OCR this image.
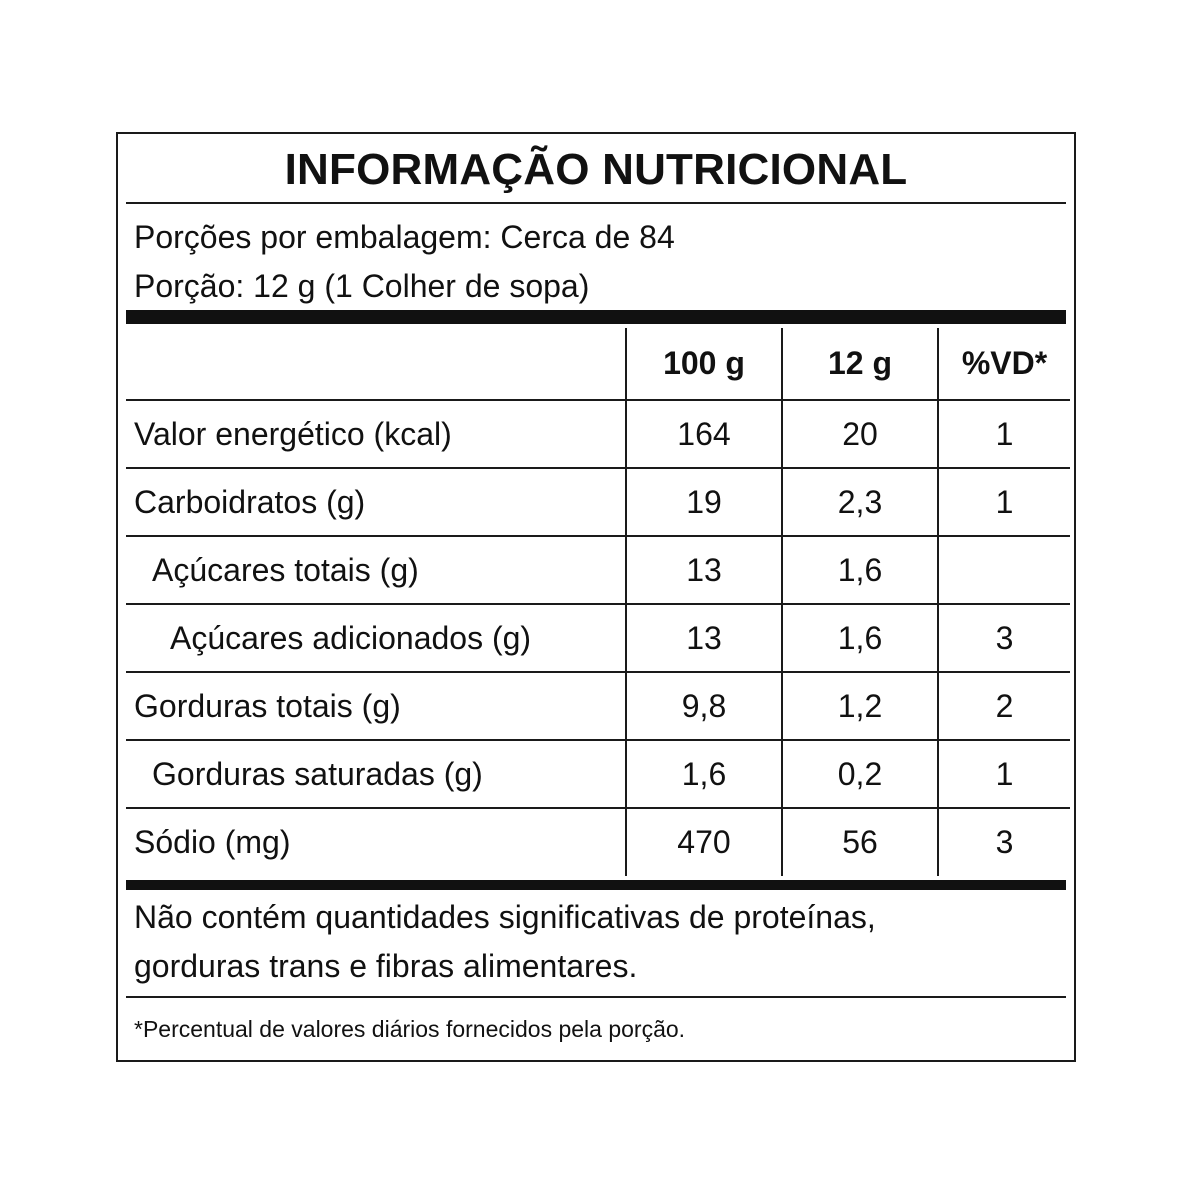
INFORMAÇÃO NUTRICIONAL
Porções por embalagem: Cerca de 84
Porção: 12 g (1 Colher de sopa)
	100 g	12 g	%VD*
Valor energético (kcal)	164	20	1
Carboidratos (g)	19	2,3	1
Açúcares totais (g)	13	1,6	
Açúcares adicionados (g)	13	1,6	3
Gorduras totais (g)	9,8	1,2	2
Gorduras saturadas (g)	1,6	0,2	1
Sódio (mg)	470	56	3
Não contém quantidades significativas de proteínas,
gorduras trans e fibras alimentares.
*Percentual de valores diários fornecidos pela porção.
